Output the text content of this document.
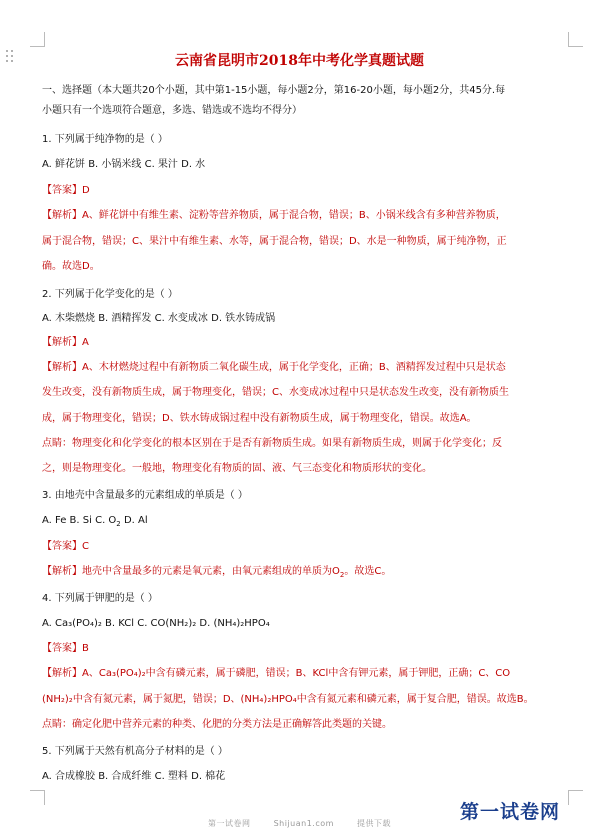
云南省昆明市2018年中考化学真题试题
一、选择题（本大题共20个小题，其中第1-15小题，每小题2分，第16-20小题，每小题2分，共45分.每
小题只有一个选项符合题意，多选、错选或不选均不得分）
1. 下列属于纯净物的是（ ）
A. 鲜花饼 B. 小锅米线 C. 果汁 D. 水
【答案】D
【解析】A、鲜花饼中有维生素、淀粉等营养物质，属于混合物，错误；B、小锅米线含有多种营养物质，
属于混合物，错误；C、果汁中有维生素、水等，属于混合物，错误；D、水是一种物质，属于纯净物，正
确。故选D。
2. 下列属于化学变化的是（ ）
A. 木柴燃烧 B. 酒精挥发 C. 水变成冰 D. 铁水铸成锅
【解析】A
【解析】A、木材燃烧过程中有新物质二氧化碳生成，属于化学变化，正确；B、酒精挥发过程中只是状态
发生改变，没有新物质生成，属于物理变化，错误；C、水变成冰过程中只是状态发生改变，没有新物质生
成，属于物理变化，错误；D、铁水铸成锅过程中没有新物质生成，属于物理变化，错误。故选A。
点睛：物理变化和化学变化的根本区别在于是否有新物质生成。如果有新物质生成，则属于化学变化；反
之，则是物理变化。一般地，物理变化有物质的固、液、气三态变化和物质形状的变化。
3. 由地壳中含量最多的元素组成的单质是（ ）
A. Fe B. Si C. $O_2$ D. Al
【答案】C
【解析】地壳中含量最多的元素是氧元素，由氧元素组成的单质为$O_2$。故选C。
4. 下列属于钾肥的是（ ）
A. Ca₃(PO₄)₂ B. KCl C. CO(NH₂)₂ D. (NH₄)₂HPO₄
【答案】B
【解析】A、Ca₃(PO₄)₂中含有磷元素，属于磷肥，错误；B、KCl中含有钾元素，属于钾肥，正确；C、CO
(NH₂)₂中含有氮元素，属于氮肥，错误；D、(NH₄)₂HPO₄中含有氮元素和磷元素，属于复合肥，错误。故选B。
点睛：确定化肥中营养元素的种类、化肥的分类方法是正确解答此类题的关键。
5. 下列属于天然有机高分子材料的是（ ）
A. 合成橡胶 B. 合成纤维 C. 塑料 D. 棉花
第一试卷网	Shijuan1.com	提供下载
第一试卷网
